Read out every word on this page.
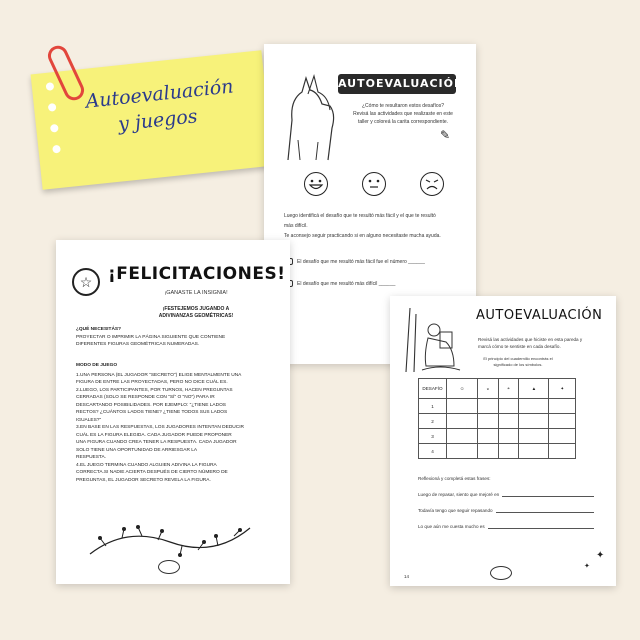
Autoevaluación
y juegos
AUTOEVALUACIÓN
¿Cómo te resultaron estos desafíos?
Revisá las actividades que realizaste en este
taller y coloreá la carita correspondiente.
✎
Luego identificá el desafío que te resultó más fácil y el que te resultó
más difícil.
Te aconsejo seguir practicando si en alguno necesitaste mucha ayuda.
El desafío que me resultó más fácil fue el número ______
El desafío que me resultó más difícil ______
☆ ¡FELICITACIONES!
¡GANASTE LA INSIGNIA!
¡FESTEJEMOS JUGANDO A
ADIVINANZAS GEOMÉTRICAS!
¿QUÉ NECESITÁS?
PROYECTAR O IMPRIMIR LA PÁGINA SIGUIENTE QUE CONTIENE
DIFERENTES FIGURAS GEOMÉTRICAS NUMERADAS.
MODO DE JUEGO
1.UNA PERSONA (EL JUGADOR "SECRETO") ELIGE MENTALMENTE UNA
FIGURA DE ENTRE LAS PROYECTADAS, PERO NO DICE CUÁL ES.
2.LUEGO, LOS PARTICIPANTES, POR TURNOS, HACEN PREGUNTAS
CERRADAS (SOLO SE RESPONDE CON "SÍ" O "NO") PARA IR
DESCARTANDO POSIBILIDADES. POR EJEMPLO: "¿TIENE LADOS
RECTOS? ¿CUÁNTOS LADOS TIENE? ¿TIENE TODOS SUS LADOS
IGUALES?"
3.EN BASE EN LAS RESPUESTAS, LOS JUGADORES INTENTAN DEDUCIR
CUÁL ES LA FIGURA ELEGIDA. CADA JUGADOR PUEDE PROPONER
UNA FIGURA CUANDO CREA TENER LA RESPUESTA. CADA JUGADOR
SOLO TIENE UNA OPORTUNIDAD DE ARRIESGAR LA
RESPUESTA.
4.EL JUEGO TERMINA CUANDO ALGUIEN ADIVINA LA FIGURA
CORRECTA.SI NADIE ACIERTA DESPUÉS DE CIERTO NÚMERO DE
PREGUNTAS, EL JUGADOR SECRETO REVELA LA FIGURA.
AUTOEVALUACIÓN
Revisá las actividades que hiciste en esta pareda y
marcá cómo te sentiste en cada desafío.
El principio del cuadernillo encontrás el
significado de los símbolos.
DESAFÍO	☺	◒	◓	▲	✦
1					
2					
3					
4					
Reflexioná y completá estas frases:
Luego de repasar, siento que mejoré en
Todavía tengo que seguir repasando
Lo que aún me cuesta mucho es
✦
✦
14
